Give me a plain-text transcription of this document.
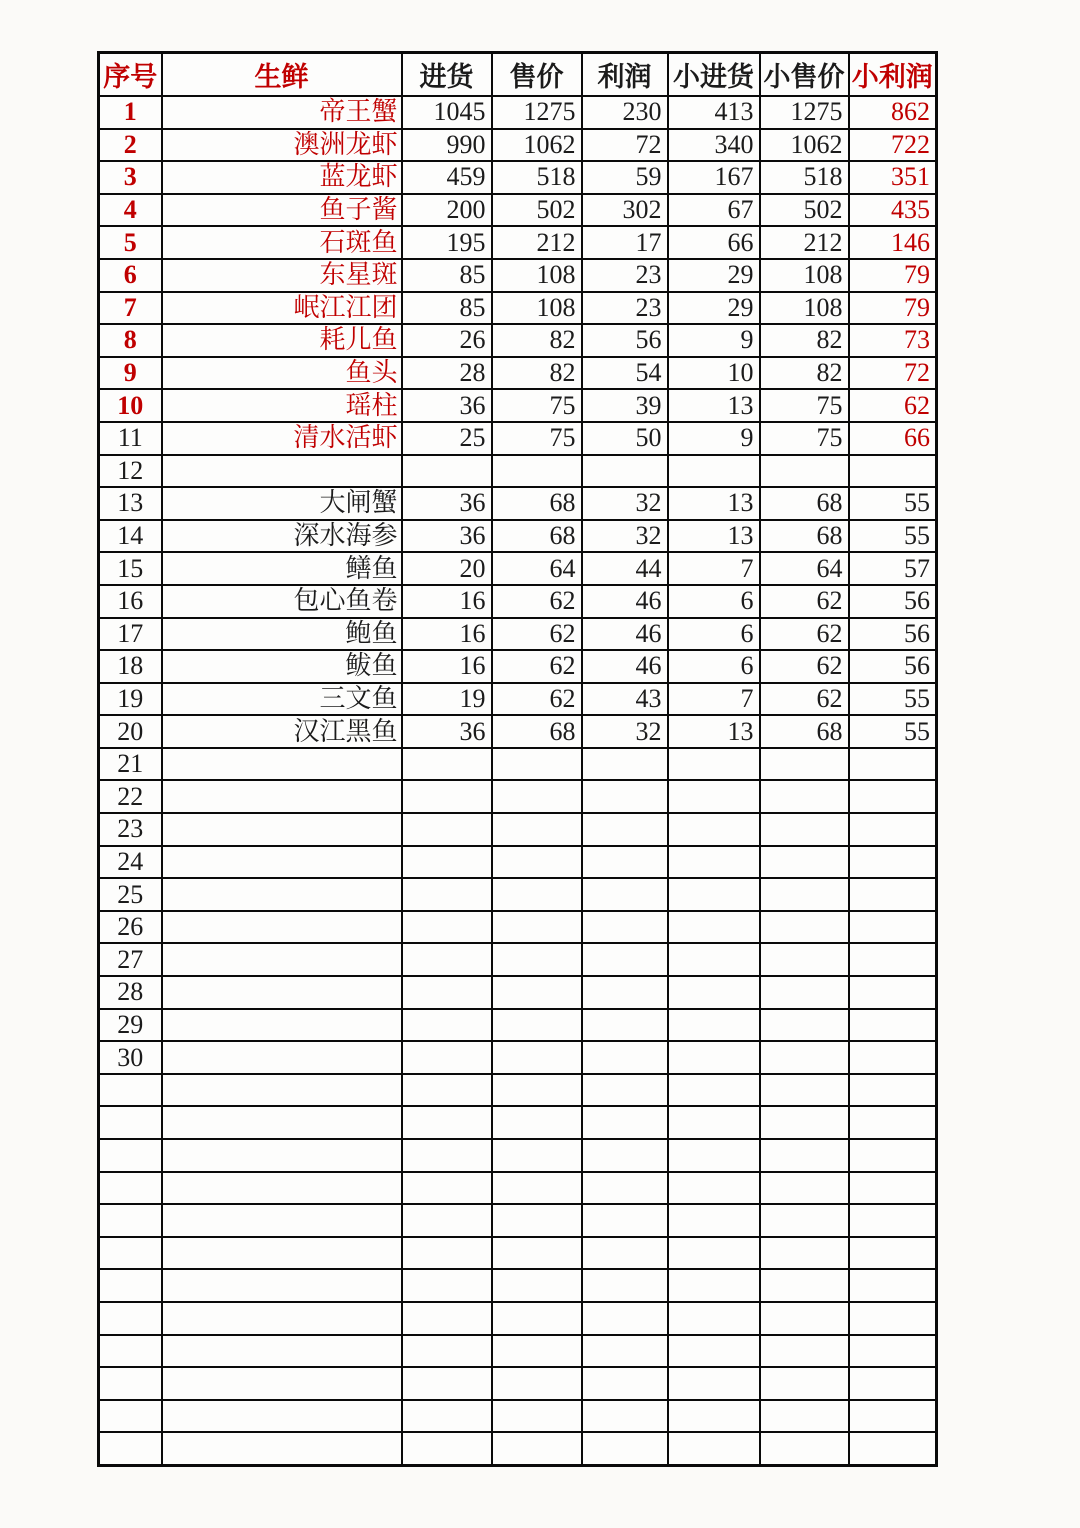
序号	生鲜	进货	售价	利润	小进货	小售价	小利润
1	帝王蟹	1045	1275	230	413	1275	862
2	澳洲龙虾	990	1062	72	340	1062	722
3	蓝龙虾	459	518	59	167	518	351
4	鱼子酱	200	502	302	67	502	435
5	石斑鱼	195	212	17	66	212	146
6	东星斑	85	108	23	29	108	79
7	岷江江团	85	108	23	29	108	79
8	耗儿鱼	26	82	56	9	82	73
9	鱼头	28	82	54	10	82	72
10	瑶柱	36	75	39	13	75	62
11	清水活虾	25	75	50	9	75	66
12							
13	大闸蟹	36	68	32	13	68	55
14	深水海参	36	68	32	13	68	55
15	鳝鱼	20	64	44	7	64	57
16	包心鱼卷	16	62	46	6	62	56
17	鲍鱼	16	62	46	6	62	56
18	鲅鱼	16	62	46	6	62	56
19	三文鱼	19	62	43	7	62	55
20	汉江黑鱼	36	68	32	13	68	55
21							
22							
23							
24							
25							
26							
27							
28							
29							
30							
